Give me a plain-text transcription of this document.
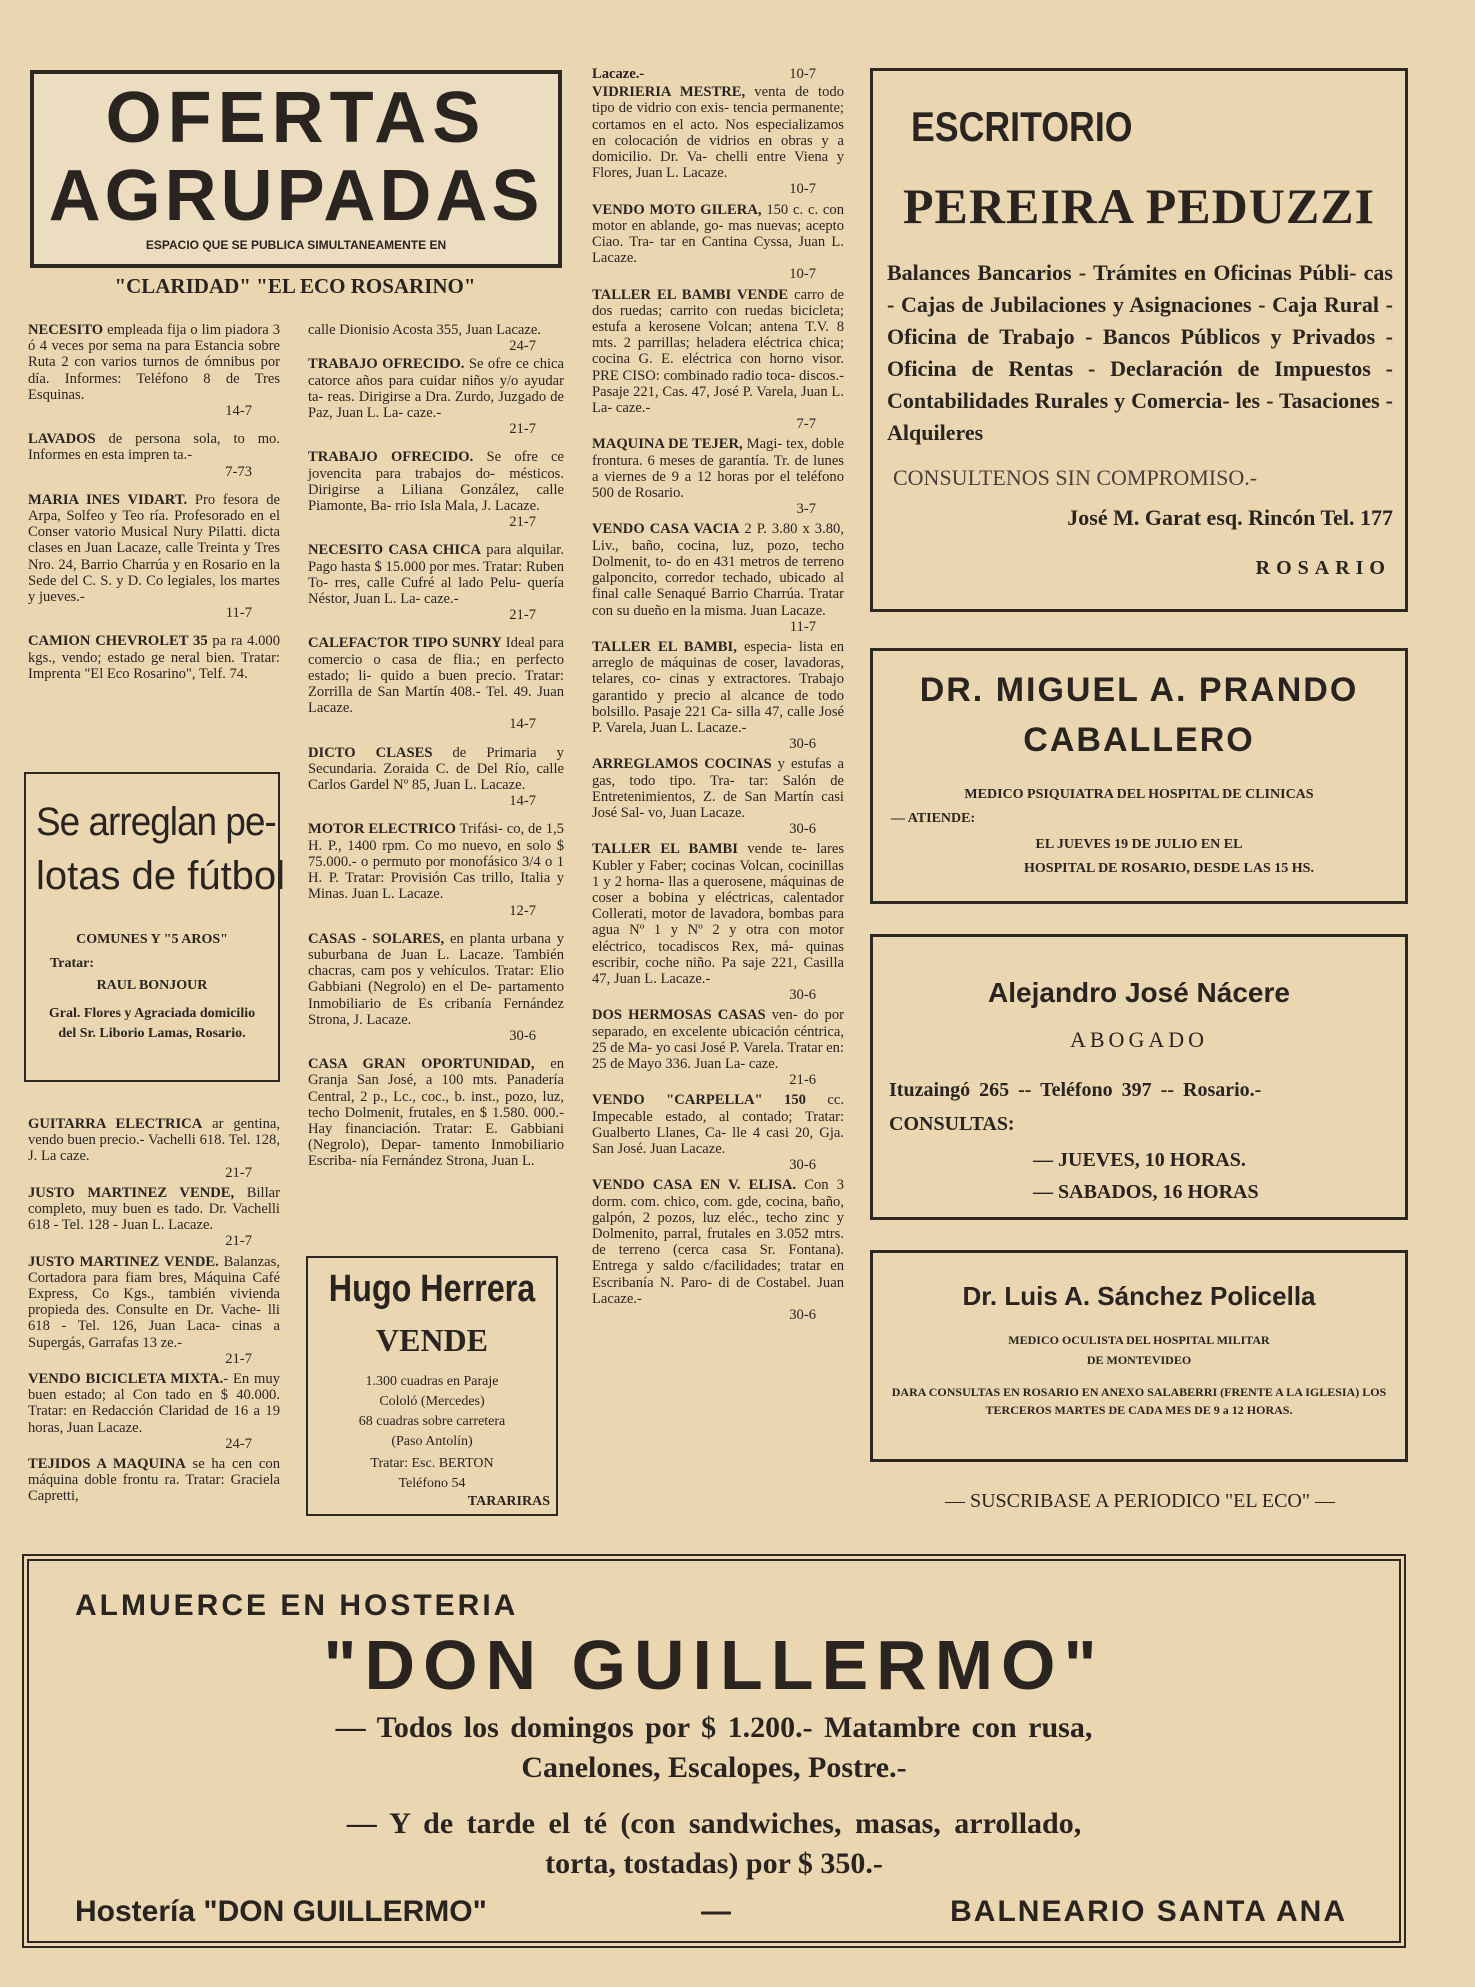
OFERTAS
AGRUPADAS
ESPACIO QUE SE PUBLICA SIMULTANEAMENTE EN
"CLARIDAD" "EL ECO ROSARINO"

NECESITO empleada fija o lim piadora 3 ó 4 veces por sema na para Estancia sobre Ruta 2 con varios turnos de ómnibus por día. Informes: Teléfono 8 de Tres Esquinas.
14-7

LAVADOS de persona sola, to mo. Informes en esta impren ta.-
7-73

MARIA INES VIDART. Pro fesora de Arpa, Solfeo y Teo ría. Profesorado en el Conser vatorio Musical Nury Pilatti. dicta clases en Juan Lacaze, calle Treinta y Tres Nro. 24, Barrio Charrúa y en Rosario en la Sede del C. S. y D. Co legiales, los martes y jueves.-
11-7

CAMION CHEVROLET 35 pa ra 4.000 kgs., vendo; estado ge neral bien. Tratar: Imprenta "El Eco Rosarino", Telf. 74.

Se arreglan pe-
lotas de fútbol
COMUNES Y "5 AROS"
Tratar:
RAUL BONJOUR
Gral. Flores y Agraciada domicilio del Sr. Liborio Lamas, Rosario.

GUITARRA ELECTRICA ar gentina, vendo buen precio.- Vachelli 618. Tel. 128, J. La caze.
21-7

JUSTO MARTINEZ VENDE, Billar completo, muy buen es tado. Dr. Vachelli 618 - Tel. 128 - Juan L. Lacaze.
21-7

JUSTO MARTINEZ VENDE. Balanzas, Cortadora para fiam bres, Máquina Café Express, Co Kgs., también vivienda propieda des. Consulte en Dr. Vache- lli 618 - Tel. 126, Juan Laca- cinas a Supergás, Garrafas 13 ze.-
21-7

VENDO BICICLETA MIXTA.- En muy buen estado; al Con tado en $ 40.000. Tratar: en Redacción Claridad de 16 a 19 horas, Juan Lacaze.
24-7

TEJIDOS A MAQUINA se ha cen con máquina doble frontu ra. Tratar: Graciela Capretti,

calle Dionisio Acosta 355, Juan Lacaze.
24-7

TRABAJO OFRECIDO. Se ofre ce chica catorce años para cuidar niños y/o ayudar ta- reas. Dirigirse a Dra. Zurdo, Juzgado de Paz, Juan L. La- caze.-
21-7

TRABAJO OFRECIDO. Se ofre ce jovencita para trabajos do- mésticos. Dirigirse a Liliana González, calle Piamonte, Ba- rrio Isla Mala, J. Lacaze.
21-7

NECESITO CASA CHICA para alquilar. Pago hasta $ 15.000 por mes. Tratar: Ruben To- rres, calle Cufré al lado Pelu- quería Néstor, Juan L. La- caze.-
21-7

CALEFACTOR TIPO SUNRY Ideal para comercio o casa de flia.; en perfecto estado; li- quido a buen precio. Tratar: Zorrilla de San Martín 408.- Tel. 49. Juan Lacaze.
14-7

DICTO CLASES de Primaria y Secundaria. Zoraida C. de Del Río, calle Carlos Gardel Nº 85, Juan L. Lacaze.
14-7

MOTOR ELECTRICO Trifási- co, de 1,5 H. P., 1400 rpm. Co mo nuevo, en solo $ 75.000.- o permuto por monofásico 3/4 o 1 H. P. Tratar: Provisión Cas trillo, Italia y Minas. Juan L. Lacaze.
12-7

CASAS - SOLARES, en planta urbana y suburbana de Juan L. Lacaze. También chacras, cam pos y vehículos. Tratar: Elio Gabbiani (Negrolo) en el De- partamento Inmobiliario de Es cribanía Fernández Strona, J. Lacaze.
30-6

CASA GRAN OPORTUNIDAD, en Granja San José, a 100 mts. Panadería Central, 2 p., Lc., coc., b. inst., pozo, luz, techo Dolmenit, frutales, en $ 1.580. 000.- Hay financiación. Tratar: E. Gabbiani (Negrolo), Depar- tamento Inmobiliario Escriba- nía Fernández Strona, Juan L.

Hugo Herrera
VENDE
1.300 cuadras en Paraje
Cololó (Mercedes)
68 cuadras sobre carretera
(Paso Antolín)
Tratar: Esc. BERTON
Teléfono 54
TARARIRAS

Lacaze.-	10-7

VIDRIERIA MESTRE, venta de todo tipo de vidrio con exis- tencia permanente; cortamos en el acto. Nos especializamos en colocación de vidrios en obras y a domicilio. Dr. Va- chelli entre Viena y Flores, Juan L. Lacaze.
10-7

VENDO MOTO GILERA, 150 c. c. con motor en ablande, go- mas nuevas; acepto Ciao. Tra- tar en Cantina Cyssa, Juan L. Lacaze.
10-7

TALLER EL BAMBI VENDE carro de dos ruedas; carrito con ruedas bicicleta; estufa a kerosene Volcan; antena T.V. 8 mts. 2 parrillas; heladera eléctrica chica; cocina G. E. eléctrica con horno visor. PRE CISO: combinado radio toca- discos.- Pasaje 221, Cas. 47, José P. Varela, Juan L. La- caze.-
7-7

MAQUINA DE TEJER, Magi- tex, doble frontura. 6 meses de garantía. Tr. de lunes a viernes de 9 a 12 horas por el teléfono 500 de Rosario.
3-7

VENDO CASA VACIA 2 P. 3.80 x 3.80, Liv., baño, cocina, luz, pozo, techo Dolmenit, to- do en 431 metros de terreno galponcito, corredor techado, ubicado al final calle Senaqué Barrio Charrúa. Tratar con su dueño en la misma. Juan Lacaze.
11-7

TALLER EL BAMBI, especia- lista en arreglo de máquinas de coser, lavadoras, telares, co- cinas y extractores. Trabajo garantido y precio al alcance de todo bolsillo. Pasaje 221 Ca- silla 47, calle José P. Varela, Juan L. Lacaze.-
30-6

ARREGLAMOS COCINAS y estufas a gas, todo tipo. Tra- tar: Salón de Entretenimientos, Z. de San Martín casi José Sal- vo, Juan Lacaze.
30-6

TALLER EL BAMBI vende te- lares Kubler y Faber; cocinas Volcan, cocinillas 1 y 2 horna- llas a querosene, máquinas de coser a bobina y eléctricas, calentador Collerati, motor de lavadora, bombas para agua Nº 1 y Nº 2 y otra con motor eléctrico, tocadiscos Rex, má- quinas escribir, coche niño. Pa saje 221, Casilla 47, Juan L. Lacaze.-
30-6

DOS HERMOSAS CASAS ven- do por separado, en excelente ubicación céntrica, 25 de Ma- yo casi José P. Varela. Tratar en: 25 de Mayo 336. Juan La- caze.
21-6

VENDO "CARPELLA" 150 cc. Impecable estado, al contado; Tratar: Gualberto Llanes, Ca- lle 4 casi 20, Gja. San José. Juan Lacaze.
30-6

VENDO CASA EN V. ELISA. Con 3 dorm. com. chico, com. gde, cocina, baño, galpón, 2 pozos, luz eléc., techo zinc y Dolmenito, parral, frutales en 3.052 mtrs. de terreno (cerca casa Sr. Fontana). Entrega y saldo c/facilidades; tratar en Escribanía N. Paro- di de Costabel. Juan Lacaze.-
30-6

ESCRITORIO
PEREIRA PEDUZZI
Balances Bancarios - Trámites en Oficinas Públi- cas - Cajas de Jubilaciones y Asignaciones - Caja Rural - Oficina de Trabajo - Bancos Públicos y Privados - Oficina de Rentas - Declaración de Impuestos - Contabilidades Rurales y Comercia- les - Tasaciones - Alquileres
CONSULTENOS SIN COMPROMISO.-
José M. Garat esq. Rincón Tel. 177
ROSARIO
DR. MIGUEL A. PRANDO
CABALLERO
MEDICO PSIQUIATRA DEL HOSPITAL DE CLINICAS
— ATIENDE:
EL JUEVES 19 DE JULIO EN EL
HOSPITAL DE ROSARIO, DESDE LAS 15 HS.
Alejandro José Nácere
ABOGADO
Ituzaingó 265 -- Teléfono 397 -- Rosario.-
CONSULTAS:
— JUEVES, 10 HORAS.
— SABADOS, 16 HORAS
Dr. Luis A. Sánchez Policella
MEDICO OCULISTA DEL HOSPITAL MILITAR
DE MONTEVIDEO
DARA CONSULTAS EN ROSARIO EN ANEXO SALABERRI (FRENTE A LA IGLESIA) LOS TERCEROS MARTES DE CADA MES DE 9 a 12 HORAS.
— SUSCRIBASE A PERIODICO "EL ECO" —
ALMUERCE EN HOSTERIA
"DON GUILLERMO"
— Todos los domingos por $ 1.200.- Matambre con rusa,
Canelones, Escalopes, Postre.-
— Y de tarde el té (con sandwiches, masas, arrollado,
torta, tostadas) por $ 350.-
Hostería "DON GUILLERMO"	—	BALNEARIO SANTA ANA
